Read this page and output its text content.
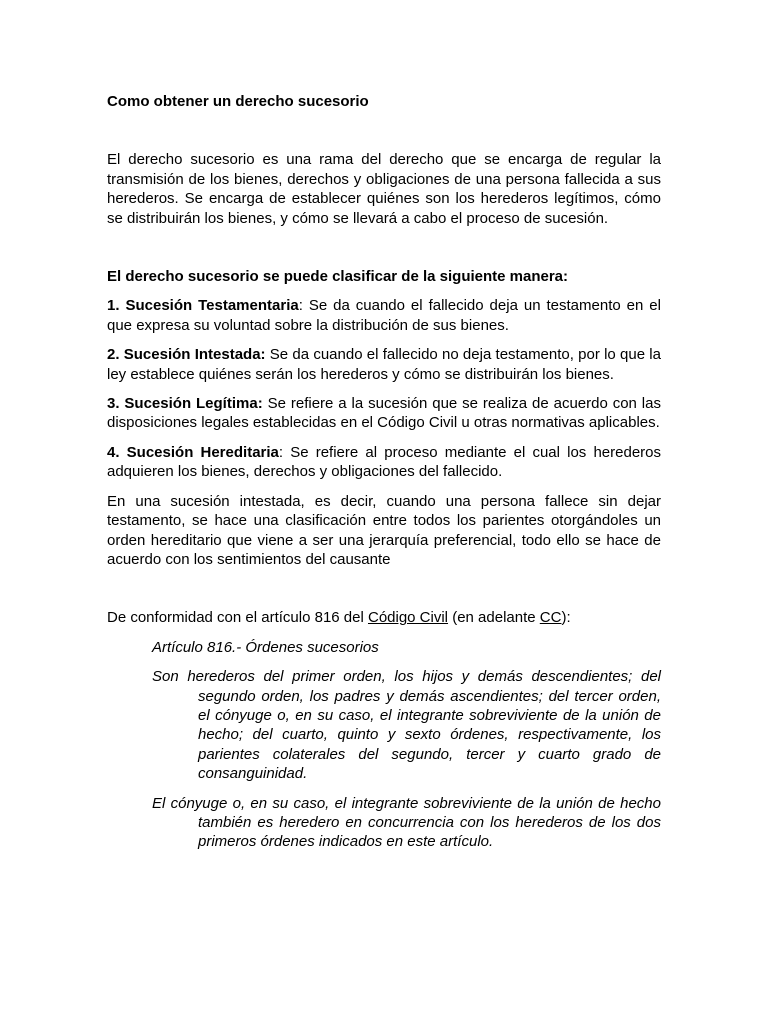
Como obtener un derecho sucesorio

El derecho sucesorio es una rama del derecho que se encarga de regular la transmisión de los bienes, derechos y obligaciones de una persona fallecida a sus herederos. Se encarga de establecer quiénes son los herederos legítimos, cómo se distribuirán los bienes, y cómo se llevará a cabo el proceso de sucesión.

El derecho sucesorio se puede clasificar de la siguiente manera:

1. Sucesión Testamentaria: Se da cuando el fallecido deja un testamento en el que expresa su voluntad sobre la distribución de sus bienes.

2. Sucesión Intestada: Se da cuando el fallecido no deja testamento, por lo que la ley establece quiénes serán los herederos y cómo se distribuirán los bienes.

3. Sucesión Legítima: Se refiere a la sucesión que se realiza de acuerdo con las disposiciones legales establecidas en el Código Civil u otras normativas aplicables.

4. Sucesión Hereditaria: Se refiere al proceso mediante el cual los herederos adquieren los bienes, derechos y obligaciones del fallecido.

En una sucesión intestada, es decir, cuando una persona fallece sin dejar testamento, se hace una clasificación entre todos los parientes otorgándoles un orden hereditario que viene a ser una jerarquía preferencial, todo ello se hace de acuerdo con los sentimientos del causante

De conformidad con el artículo 816 del Código Civil (en adelante CC):

Artículo 816.- Órdenes sucesorios

Son herederos del primer orden, los hijos y demás descendientes; del segundo orden, los padres y demás ascendientes; del tercer orden, el cónyuge o, en su caso, el integrante sobreviviente de la unión de hecho; del cuarto, quinto y sexto órdenes, respectivamente, los parientes colaterales del segundo, tercer y cuarto grado de consanguinidad.

El cónyuge o, en su caso, el integrante sobreviviente de la unión de hecho también es heredero en concurrencia con los herederos de los dos primeros órdenes indicados en este artículo.
